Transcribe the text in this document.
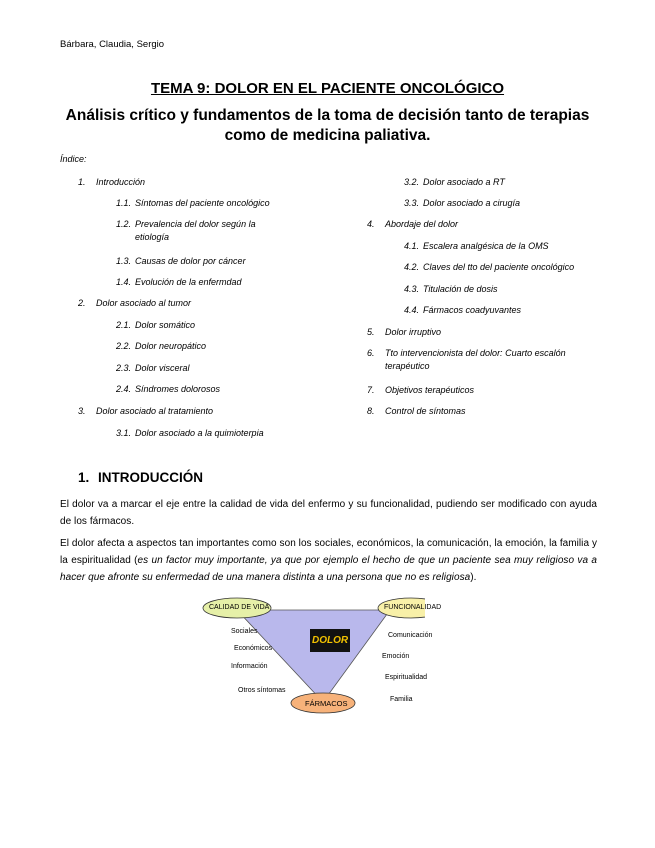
Bárbara, Claudia, Sergio
TEMA 9: DOLOR EN EL PACIENTE ONCOLÓGICO
Análisis crítico y fundamentos de la toma de decisión tanto de terapias
como de medicina paliativa.
Índice:
1. Introducción
1.1. Síntomas del paciente oncológico
1.2. Prevalencia del dolor según la etiología
1.3. Causas de dolor por cáncer
1.4. Evolución de la enfermdad
2. Dolor asociado al tumor
2.1. Dolor somático
2.2. Dolor neuropático
2.3. Dolor visceral
2.4. Síndromes dolorosos
3. Dolor asociado al tratamiento
3.1. Dolor asociado a la quimioterpia
3.2. Dolor asociado a RT
3.3. Dolor asociado a cirugía
4. Abordaje del dolor
4.1. Escalera analgésica de la OMS
4.2. Claves del tto del paciente oncológico
4.3. Titulación de dosis
4.4. Fármacos coadyuvantes
5. Dolor irruptivo
6. Tto intervencionista del dolor: Cuarto escalón terapéutico
7. Objetivos terapéuticos
8. Control de síntomas
1. INTRODUCCIÓN
El dolor va a marcar el eje entre la calidad de vida del enfermo y su funcionalidad, pudiendo ser modificado con ayuda de los fármacos.
El dolor afecta a aspectos tan importantes como son los sociales, económicos, la comunicación, la emoción, la familia y la espiritualidad (es un factor muy importante, ya que por ejemplo el hecho de que un paciente sea muy religioso va a hacer que afronte su enfermedad de una manera distinta a una persona que no es religiosa).
CALIDAD DE VIDA	FUNCIONALIDAD
FÁRMACOS
DOLOR
Sociales
Económicos
Información
Otros síntomas
Comunicación
Emoción
Espiritualidad
Familia
